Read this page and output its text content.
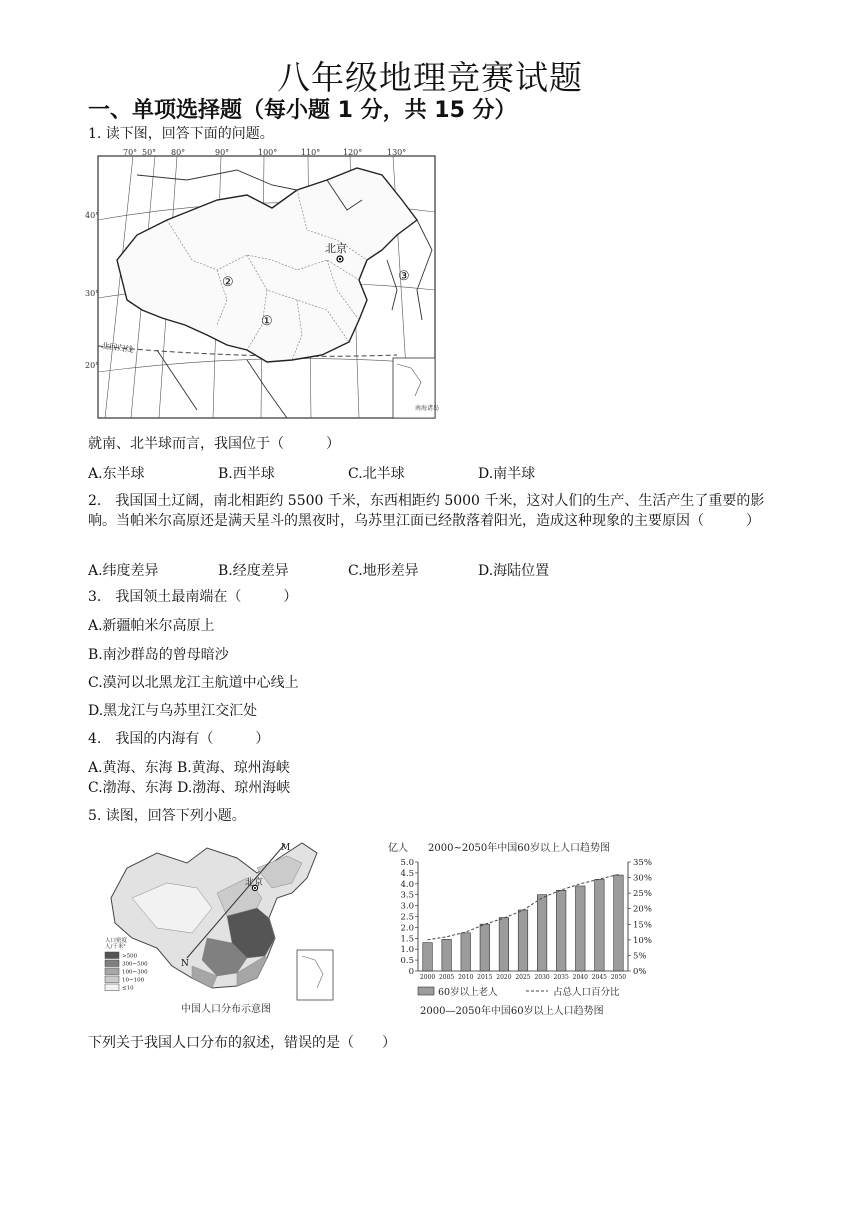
八年级地理竞赛试题
一、单项选择题（每小题 1 分，共 15 分）
1. 读下图，回答下面的问题。
70° 50° 80°	90°	100°	110°	120°	130°
40°
30°
20°
北回归线
北京
①
②	③
南海诸岛
就南、北半球而言，我国位于（　　　）
A.东半球	B.西半球	C.北半球	D.南半球
2.　我国国土辽阔，南北相距约 5500 千米，东西相距约 5000 千米，这对人们的生产、生活产生了重要的影响。当帕米尔高原还是满天星斗的黑夜时，乌苏里江面已经散落着阳光，造成这种现象的主要原因（　　　）
A.纬度差异	B.经度差异	C.地形差异	D.海陆位置
3.　我国领土最南端在（　　　）
A.新疆帕米尔高原上
B.南沙群岛的曾母暗沙
C.漠河以北黑龙江主航道中心线上
D.黑龙江与乌苏里江交汇处
4.　我国的内海有（　　　）
A.黄海、东海 B.黄海、琼州海峡
C.渤海、东海 D.渤海、琼州海峡
5. 读图，回答下列小题。
M
N
北京
人口密度
人/千米²
>500
300~500
100~300
10~100
≤10
中国人口分布示意图
亿人 2000~2050年中国60岁以上人口趋势图
0
0.5
1.0
1.5
2.0
2.5
3.0
3.5
4.0
4.5
5.0
0%
5%
10%
15%
20%
25%
30%
35%
2000 2005 2010 2015 2020 2025 2030 2035 2040 2045 2050
60岁以上老人	占总人口百分比
2000—2050年中国60岁以上人口趋势图
下列关于我国人口分布的叙述，错误的是（　　）
